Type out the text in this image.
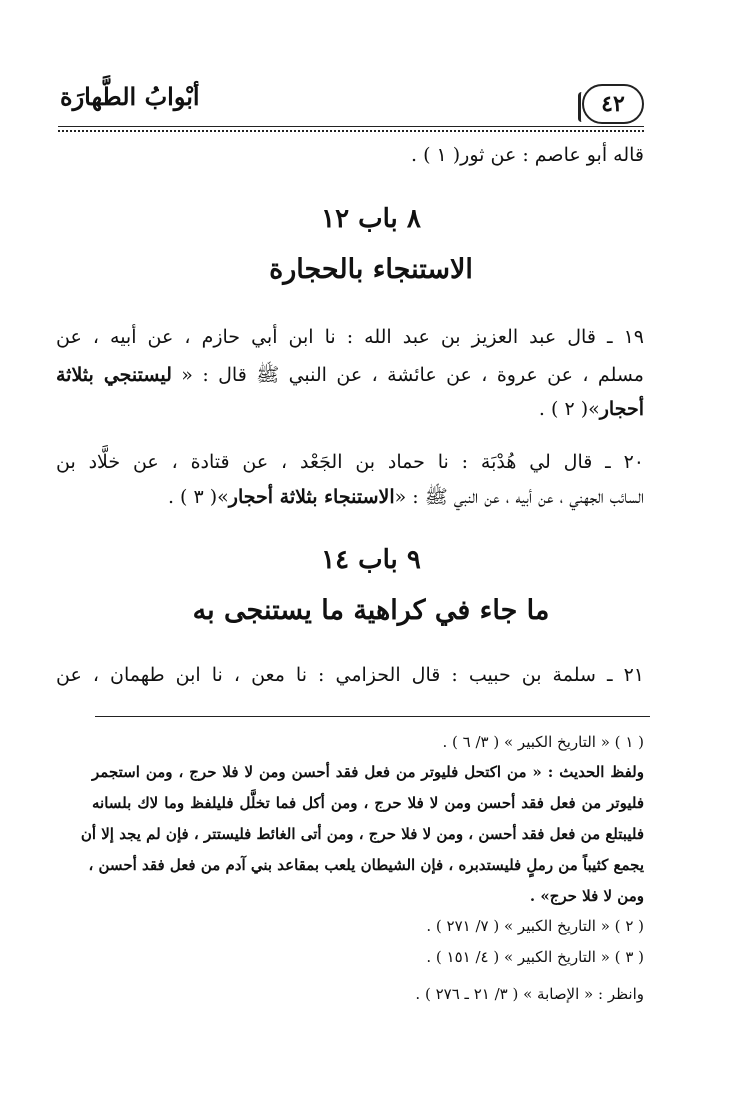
٤٢
أبْوابُ الطَّهارَة
قاله أبو عاصم : عن ثور( ١ ) .
٨ باب ١٢
الاستنجاء بالحجارة
١٩ ـ قال عبد العزيز بن عبد الله : نا ابن أبي حازم ، عن أبيه ، عن
مسلم ، عن عروة ، عن عائشة ، عن النبي ﷺ قال : « ليستنجي بثلاثة
أحجار»( ٢ ) .
٢٠ ـ قال لي هُدْبَة : نا حماد بن الجَعْد ، عن قتادة ، عن خلَّاد بن
السائب الجهني ، عن أبيه ، عن النبي ﷺ : «الاستنجاء بثلاثة أحجار»( ٣ ) .
٩ باب ١٤
ما جاء في كراهية ما يستنجى به
٢١ ـ سلمة بن حبيب : قال الحزامي : نا معن ، نا ابن طهمان ، عن
( ١ ) « التاريخ الكبير » ( ٣/ ٦ ) .
ولفظ الحديث : « من اكتحل فليوتر من فعل فقد أحسن ومن لا فلا حرج ، ومن استجمر
فليوتر من فعل فقد أحسن ومن لا فلا حرج ، ومن أكل فما تخلَّل فليلفظ وما لاك بلسانه
فليبتلع من فعل فقد أحسن ، ومن لا فلا حرج ، ومن أتى الغائط فليستتر ، فإن لم يجد إلا أن
يجمع كثيباً من رملٍ فليستدبره ، فإن الشيطان يلعب بمقاعد بني آدم من فعل فقد أحسن ،
ومن لا فلا حرج» .
( ٢ ) « التاريخ الكبير » ( ٧/ ٢٧١ ) .
( ٣ ) « التاريخ الكبير » ( ٤/ ١٥١ ) .
وانظر : « الإصابة » ( ٣/ ٢١ ـ ٢٧٦ ) .
